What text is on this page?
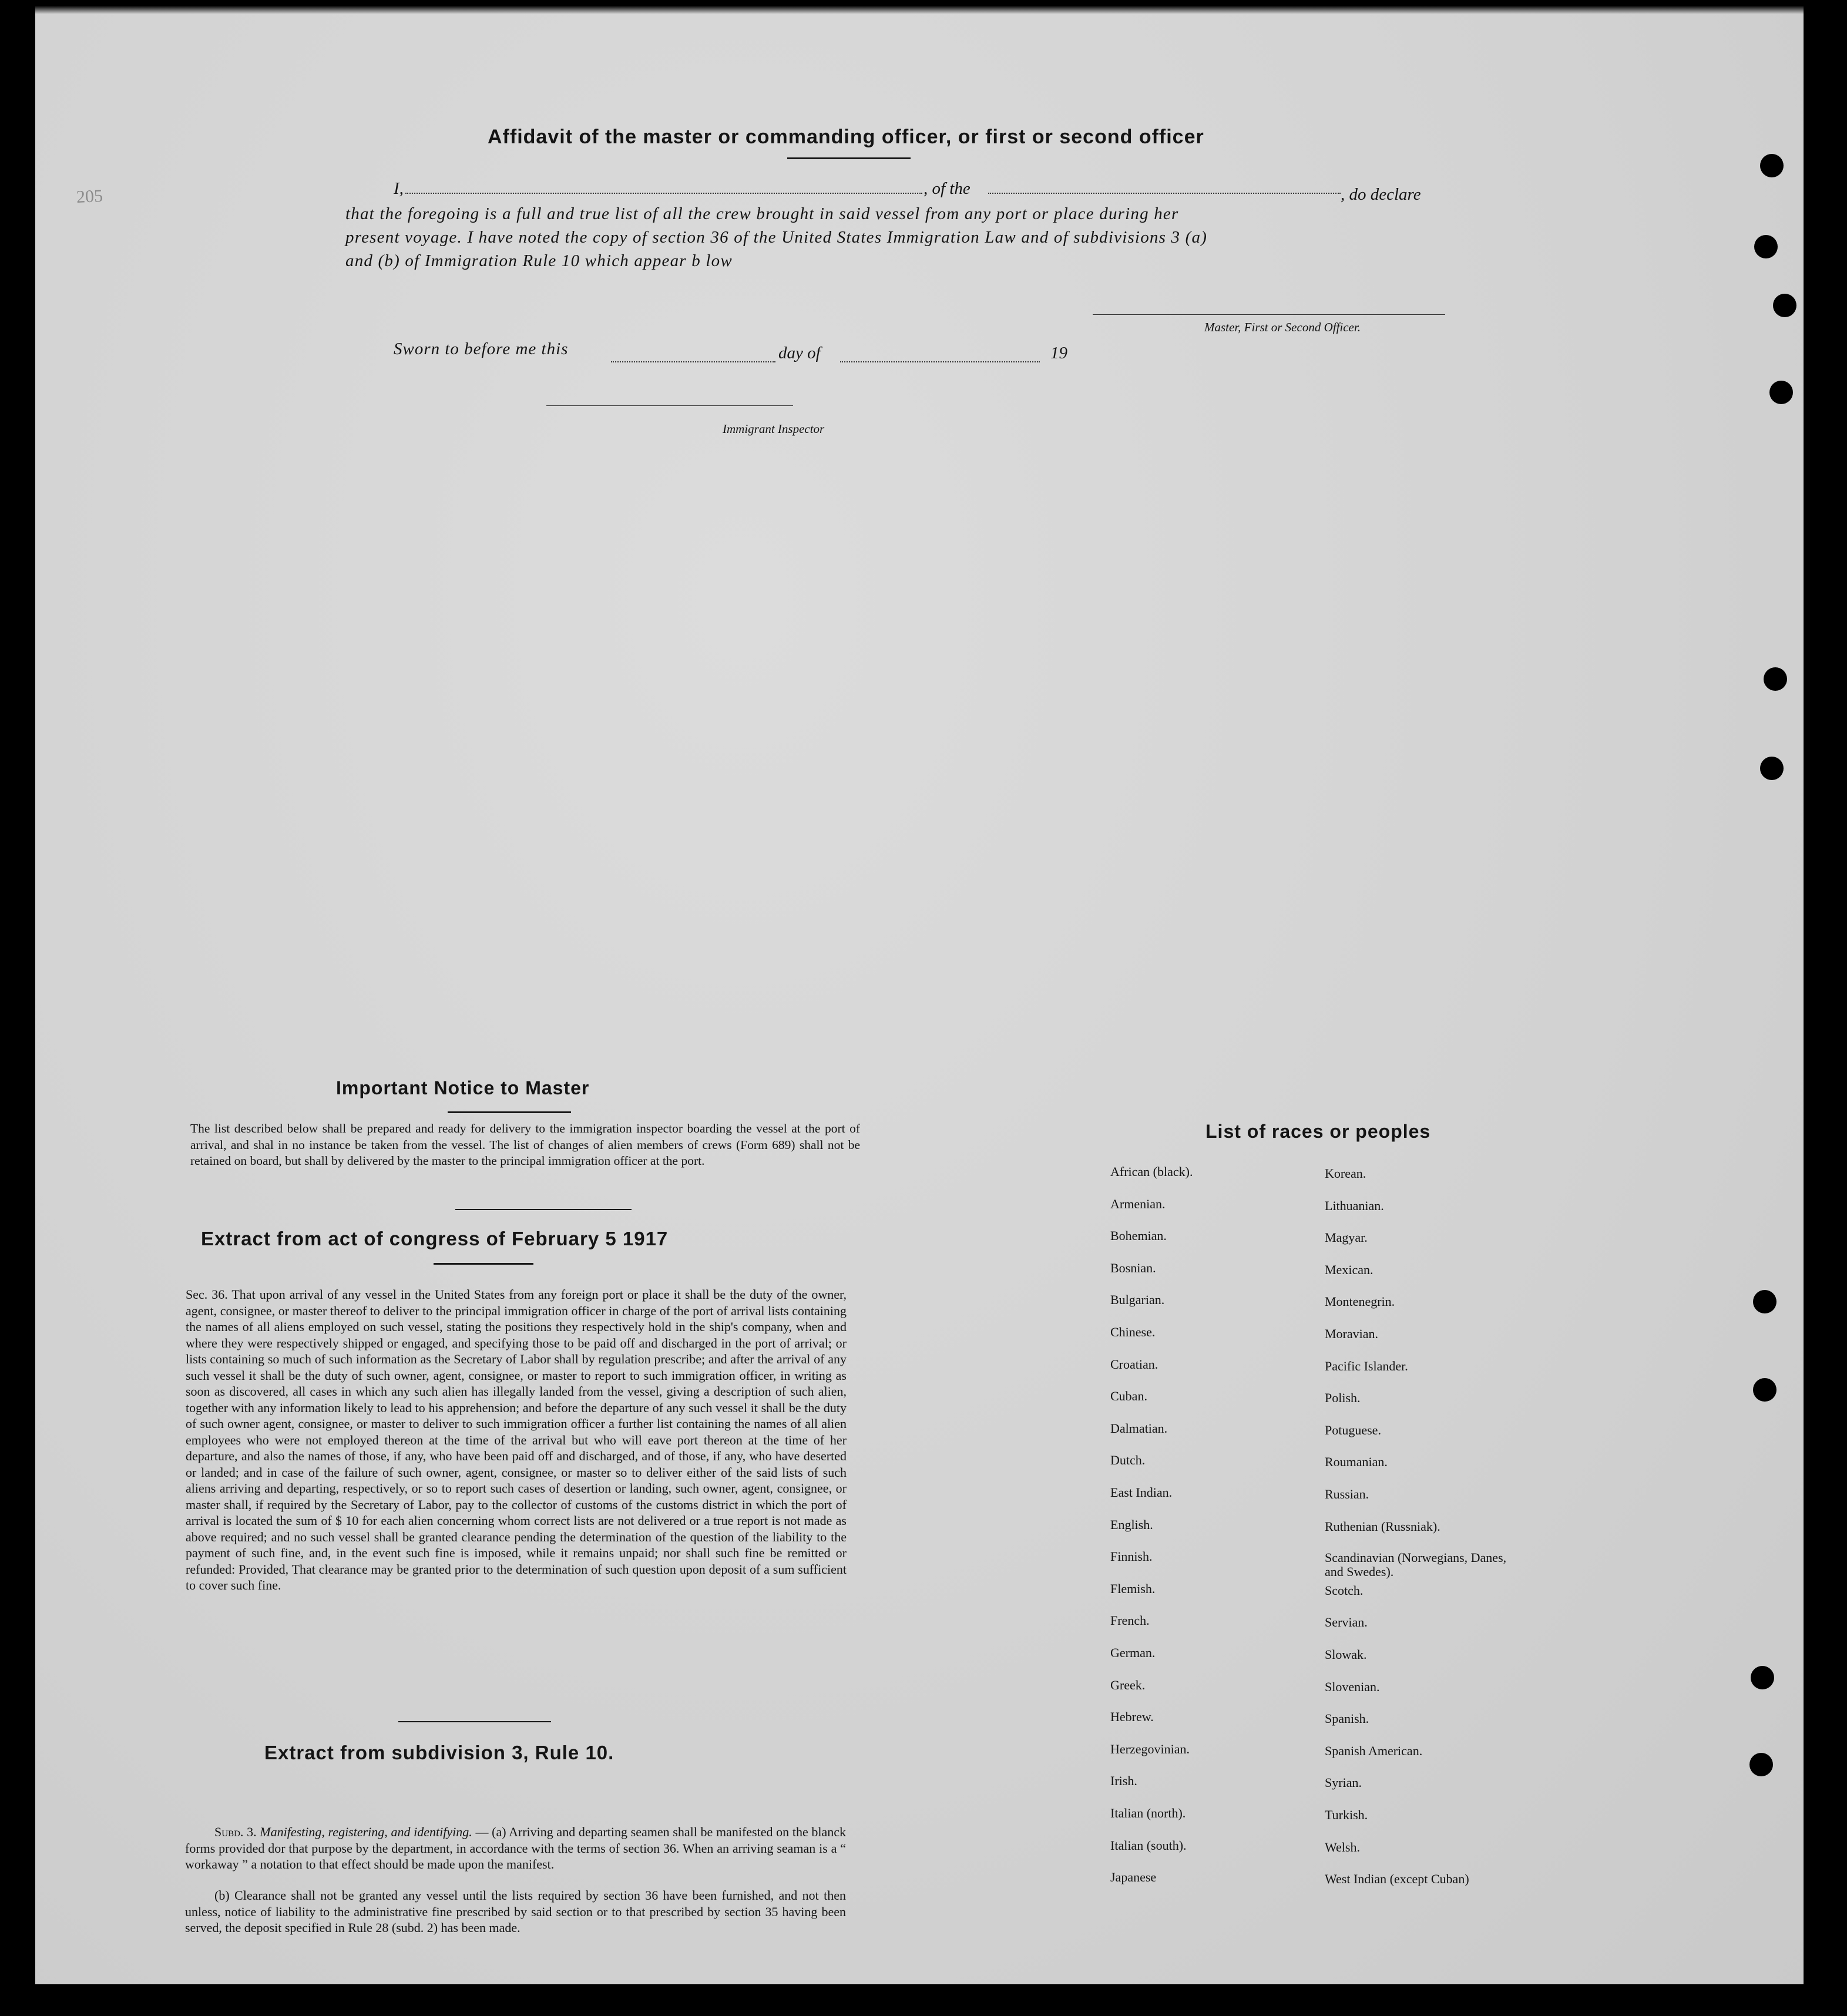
Affidavit of the master or commanding officer, or first or second officer
I,	, of the	, do declare
that the foregoing is a full and true list of all the crew brought in said vessel from any port or place during her
present voyage. I have noted the copy of section 36 of the United States Immigration Law and of subdivisions 3 (a)
and (b) of Immigration Rule 10 which appear b low
Master, First or Second Officer.
Sworn to before me this	day of	19
Immigrant Inspector
205
Important Notice to Master
The list described below shall be prepared and ready for delivery to the immigration inspector boarding the vessel at the port of arrival, and shal in no instance be taken from the vessel. The list of changes of alien members of crews (Form 689) shall not be retained on board, but shall by delivered by the master to the principal immigration officer at the port.
Extract from act of congress of February 5 1917
Sec. 36. That upon arrival of any vessel in the United States from any foreign port or place it shall be the duty of the owner, agent, consignee, or master thereof to deliver to the principal immigration officer in charge of the port of arrival lists containing the names of all aliens employed on such vessel, stating the positions they respectively hold in the ship's company, when and where they were respectively shipped or engaged, and specifying those to be paid off and discharged in the port of arrival; or lists containing so much of such information as the Secretary of Labor shall by regulation prescribe; and after the arrival of any such vessel it shall be the duty of such owner, agent, consignee, or master to report to such immigration officer, in writing as soon as discovered, all cases in which any such alien has illegally landed from the vessel, giving a description of such alien, together with any information likely to lead to his apprehension; and before the departure of any such vessel it shall be the duty of such owner agent, consignee, or master to deliver to such immigration officer a further list containing the names of all alien employees who were not employed thereon at the time of the arrival but who will eave port thereon at the time of her departure, and also the names of those, if any, who have been paid off and discharged, and of those, if any, who have deserted or landed; and in case of the failure of such owner, agent, consignee, or master so to deliver either of the said lists of such aliens arriving and departing, respectively, or so to report such cases of desertion or landing, such owner, agent, consignee, or master shall, if required by the Secretary of Labor, pay to the collector of customs of the customs district in which the port of arrival is located the sum of $ 10 for each alien concerning whom correct lists are not delivered or a true report is not made as above required; and no such vessel shall be granted clearance pending the determination of the question of the liability to the payment of such fine, and, in the event such fine is imposed, while it remains unpaid; nor shall such fine be remitted or refunded: Provided, That clearance may be granted prior to the determination of such question upon deposit of a sum sufficient to cover such fine.
Extract from subdivision 3, Rule 10.
Subd. 3. Manifesting, registering, and identifying. — (a) Arriving and departing seamen shall be manifested on the blanck forms provided dor that purpose by the department, in accordance with the terms of section 36. When an arriving seaman is a “ workaway ” a notation to that effect should be made upon the manifest.
(b) Clearance shall not be granted any vessel until the lists required by section 36 have been furnished, and not then unless, notice of liability to the administrative fine prescribed by said section or to that prescribed by section 35 having been served, the deposit specified in Rule 28 (subd. 2) has been made.
List of races or peoples
African (black).
Armenian.
Bohemian.
Bosnian.
Bulgarian.
Chinese.
Croatian.
Cuban.
Dalmatian.
Dutch.
East Indian.
English.
Finnish.
Flemish.
French.
German.
Greek.
Hebrew.
Herzegovinian.
Irish.
Italian (north).
Italian (south).
Japanese
Korean.
Lithuanian.
Magyar.
Mexican.
Montenegrin.
Moravian.
Pacific Islander.
Polish.
Potuguese.
Roumanian.
Russian.
Ruthenian (Russniak).
Scandinavian (Norwegians, Danes, and Swedes).
Scotch.
Servian.
Slowak.
Slovenian.
Spanish.
Spanish American.
Syrian.
Turkish.
Welsh.
West Indian (except Cuban)
